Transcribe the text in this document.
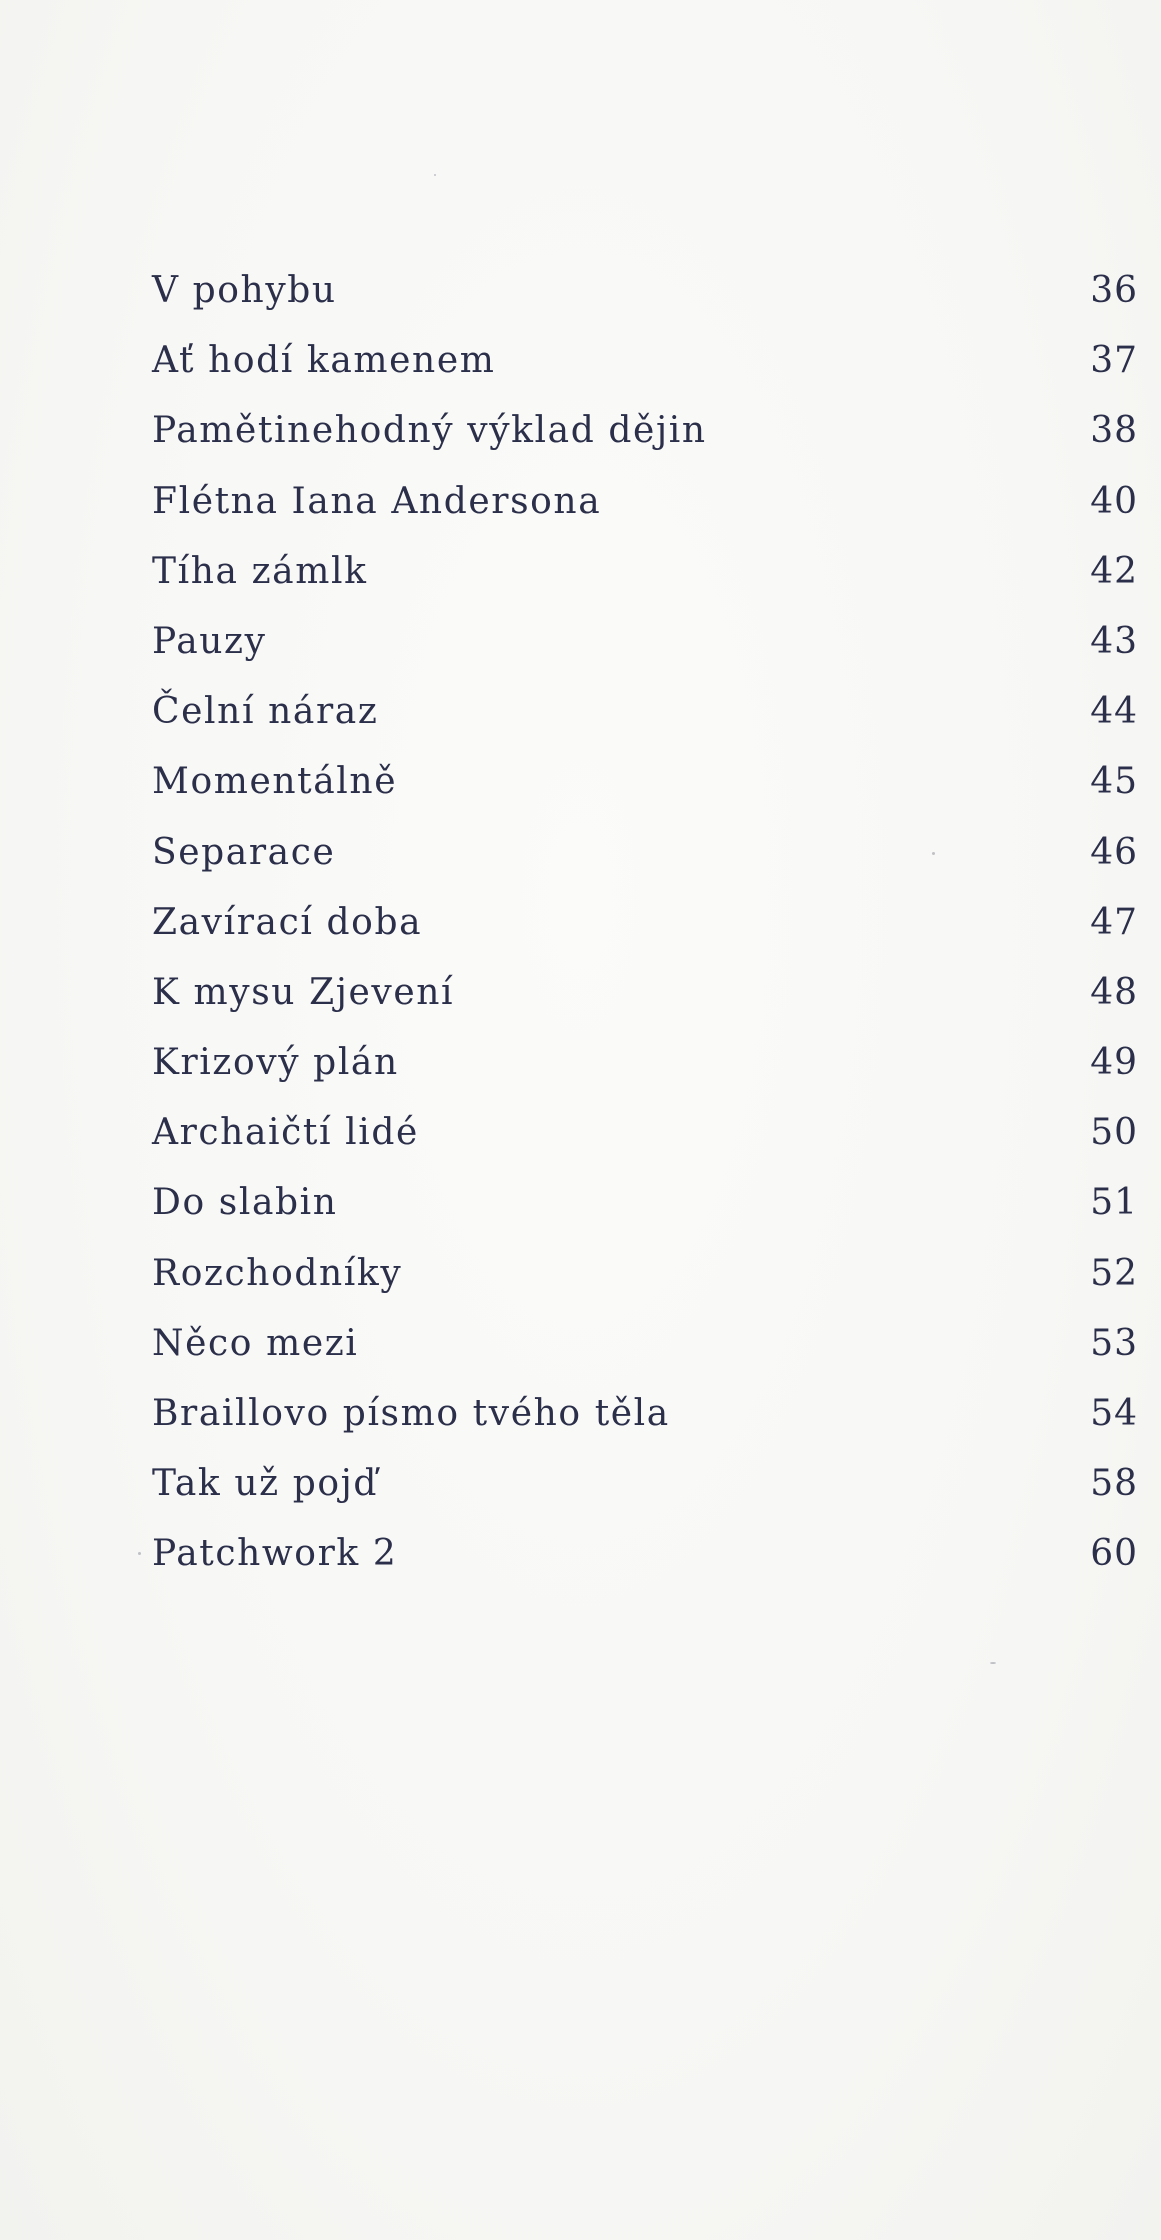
V pohybu	36
Ať hodí kamenem	37
Pamětinehodný výklad dějin	38
Flétna Iana Andersona	40
Tíha zámlk	42
Pauzy	43
Čelní náraz	44
Momentálně	45
Separace	46
Zavírací doba	47
K mysu Zjevení	48
Krizový plán	49
Archaičtí lidé	50
Do slabin	51
Rozchodníky	52
Něco mezi	53
Braillovo písmo tvého těla	54
Tak už pojď	58
Patchwork 2	60
